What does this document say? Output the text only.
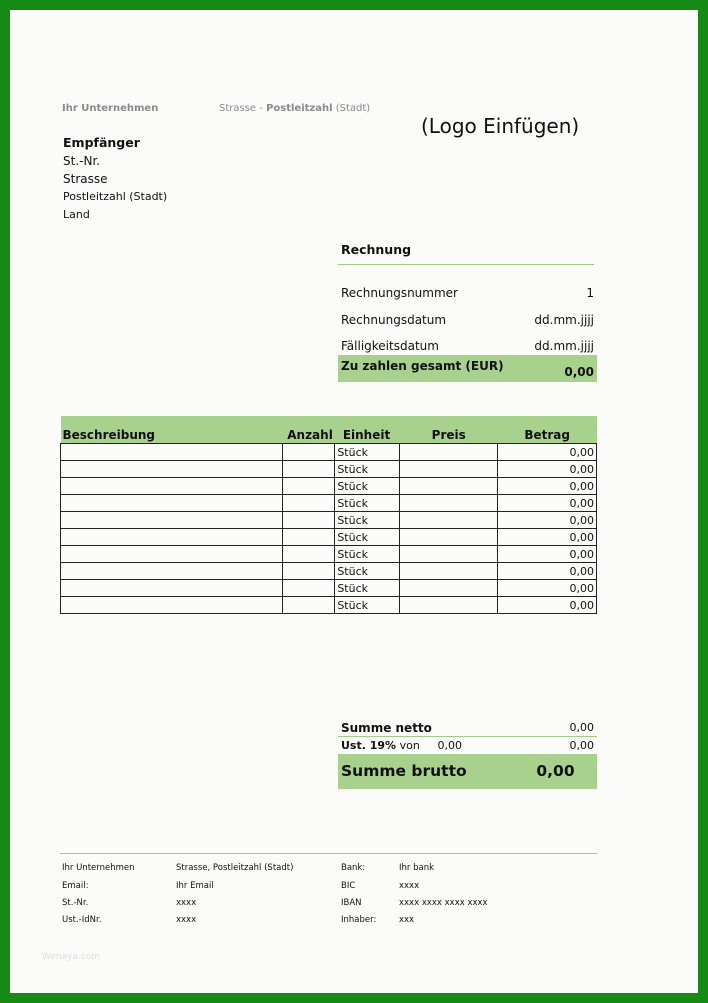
Ihr Unternehmen	Strasse - Postleitzahl (Stadt)
(Logo Einfügen)
Empfänger
St.-Nr.
Strasse
Postleitzahl (Stadt)
Land
Rechnung
Rechnungsnummer	1
Rechnungsdatum	dd.mm.jjjj
Fälligkeitsdatum	dd.mm.jjjj
Zu zahlen gesamt (EUR)	0,00
Beschreibung	Anzahl	Einheit	Preis	Betrag
		Stück		0,00
		Stück		0,00
		Stück		0,00
		Stück		0,00
		Stück		0,00
		Stück		0,00
		Stück		0,00
		Stück		0,00
		Stück		0,00
		Stück		0,00
Summe netto	0,00
Ust. 19% von	0,00	0,00
Summe brutto	0,00
Ihr Unternehmen	Strasse, Postleitzahl (Stadt)	Bank:	Ihr bank
Email:	Ihr Email	BIC	xxxx
St.-Nr.	xxxx	IBAN	xxxx xxxx xxxx xxxx
Ust.-IdNr.	xxxx	Inhaber:	xxx
Wenaya.com
